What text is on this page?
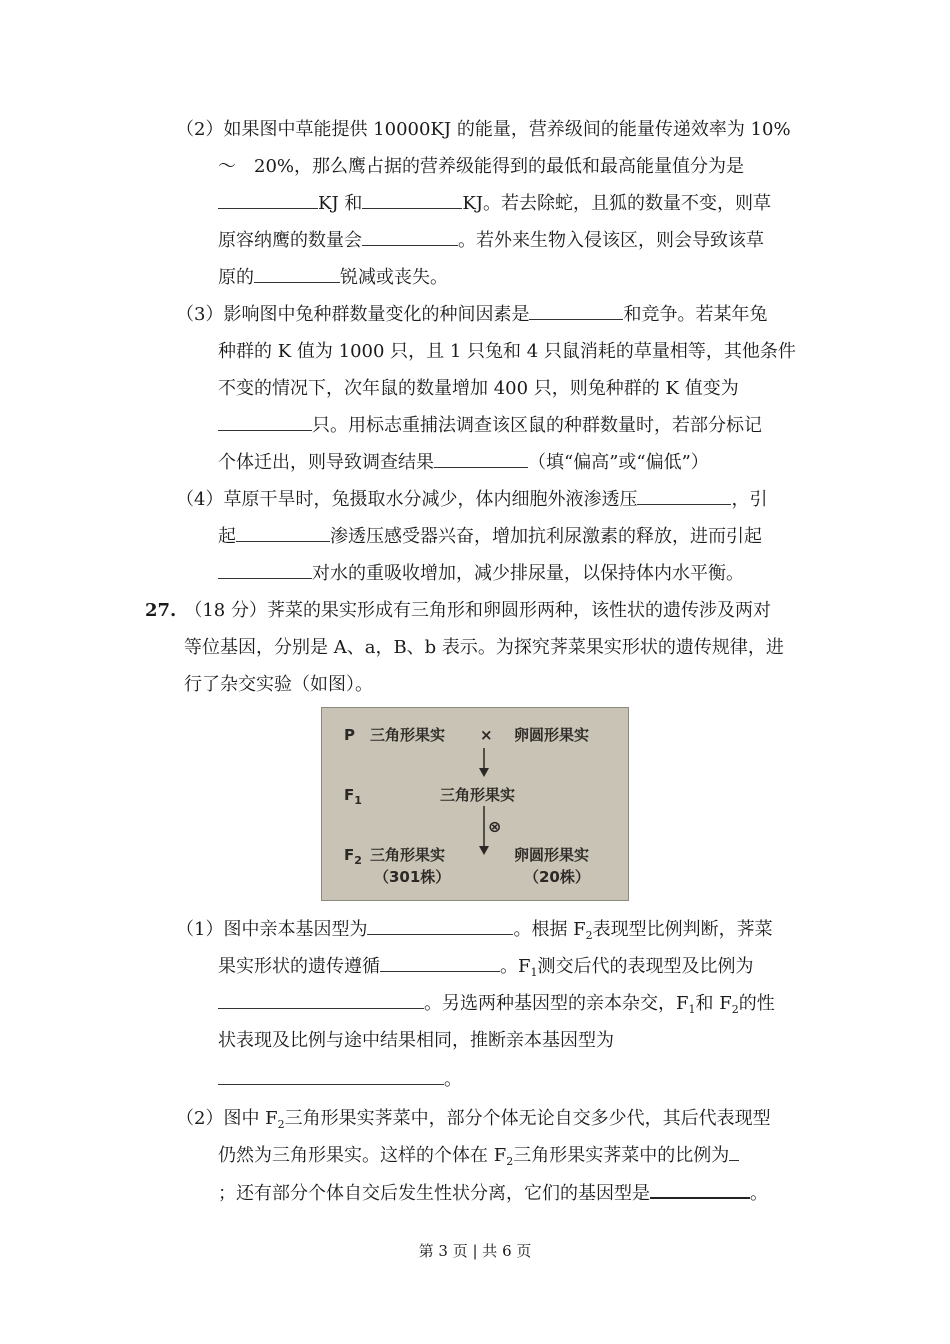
（2）如果图中草能提供 10000KJ 的能量，营养级间的能量传递效率为 10%
～　20%，那么鹰占据的营养级能得到的最低和最高能量值分为是
KJ 和	KJ。若去除蛇，且狐的数量不变，则草
原容纳鹰的数量会	。若外来生物入侵该区，则会导致该草
原的	锐减或丧失。
（3）影响图中兔种群数量变化的种间因素是	和竞争。若某年兔
种群的 K 值为 1000 只，且 1 只兔和 4 只鼠消耗的草量相等，其他条件
不变的情况下，次年鼠的数量增加 400 只，则兔种群的 K 值变为
只。用标志重捕法调查该区鼠的种群数量时，若部分标记
个体迁出，则导致调查结果	（填“偏高”或“偏低”）
（4）草原干旱时，兔摄取水分减少，体内细胞外液渗透压	，引
起	渗透压感受器兴奋，增加抗利尿激素的释放，进而引起
对水的重吸收增加，减少排尿量，以保持体内水平衡。
27. （18 分）荠菜的果实形成有三角形和卵圆形两种，该性状的遗传涉及两对
等位基因，分别是 A、a，B、b 表示。为探究荠菜果实形状的遗传规律，进
行了杂交实验（如图）。
P 三角形果实 × 卵圆形果实
$F_1$	三角形果实
⊗
$F_2$ 三角形果实
（301株）
卵圆形果实
（20株）
（1）图中亲本基因型为	。根据 $F_2$表现型比例判断，荠菜
果实形状的遗传遵循	。$F_1$测交后代的表现型及比例为
。另选两种基因型的亲本杂交，$F_1$和 $F_2$的性
状表现及比例与途中结果相同，推断亲本基因型为
。
（2）图中 $F_2$三角形果实荠菜中，部分个体无论自交多少代，其后代表现型
仍然为三角形果实。这样的个体在 $F_2$三角形果实荠菜中的比例为
；还有部分个体自交后发生性状分离，它们的基因型是	。
第 3 页 | 共 6 页
